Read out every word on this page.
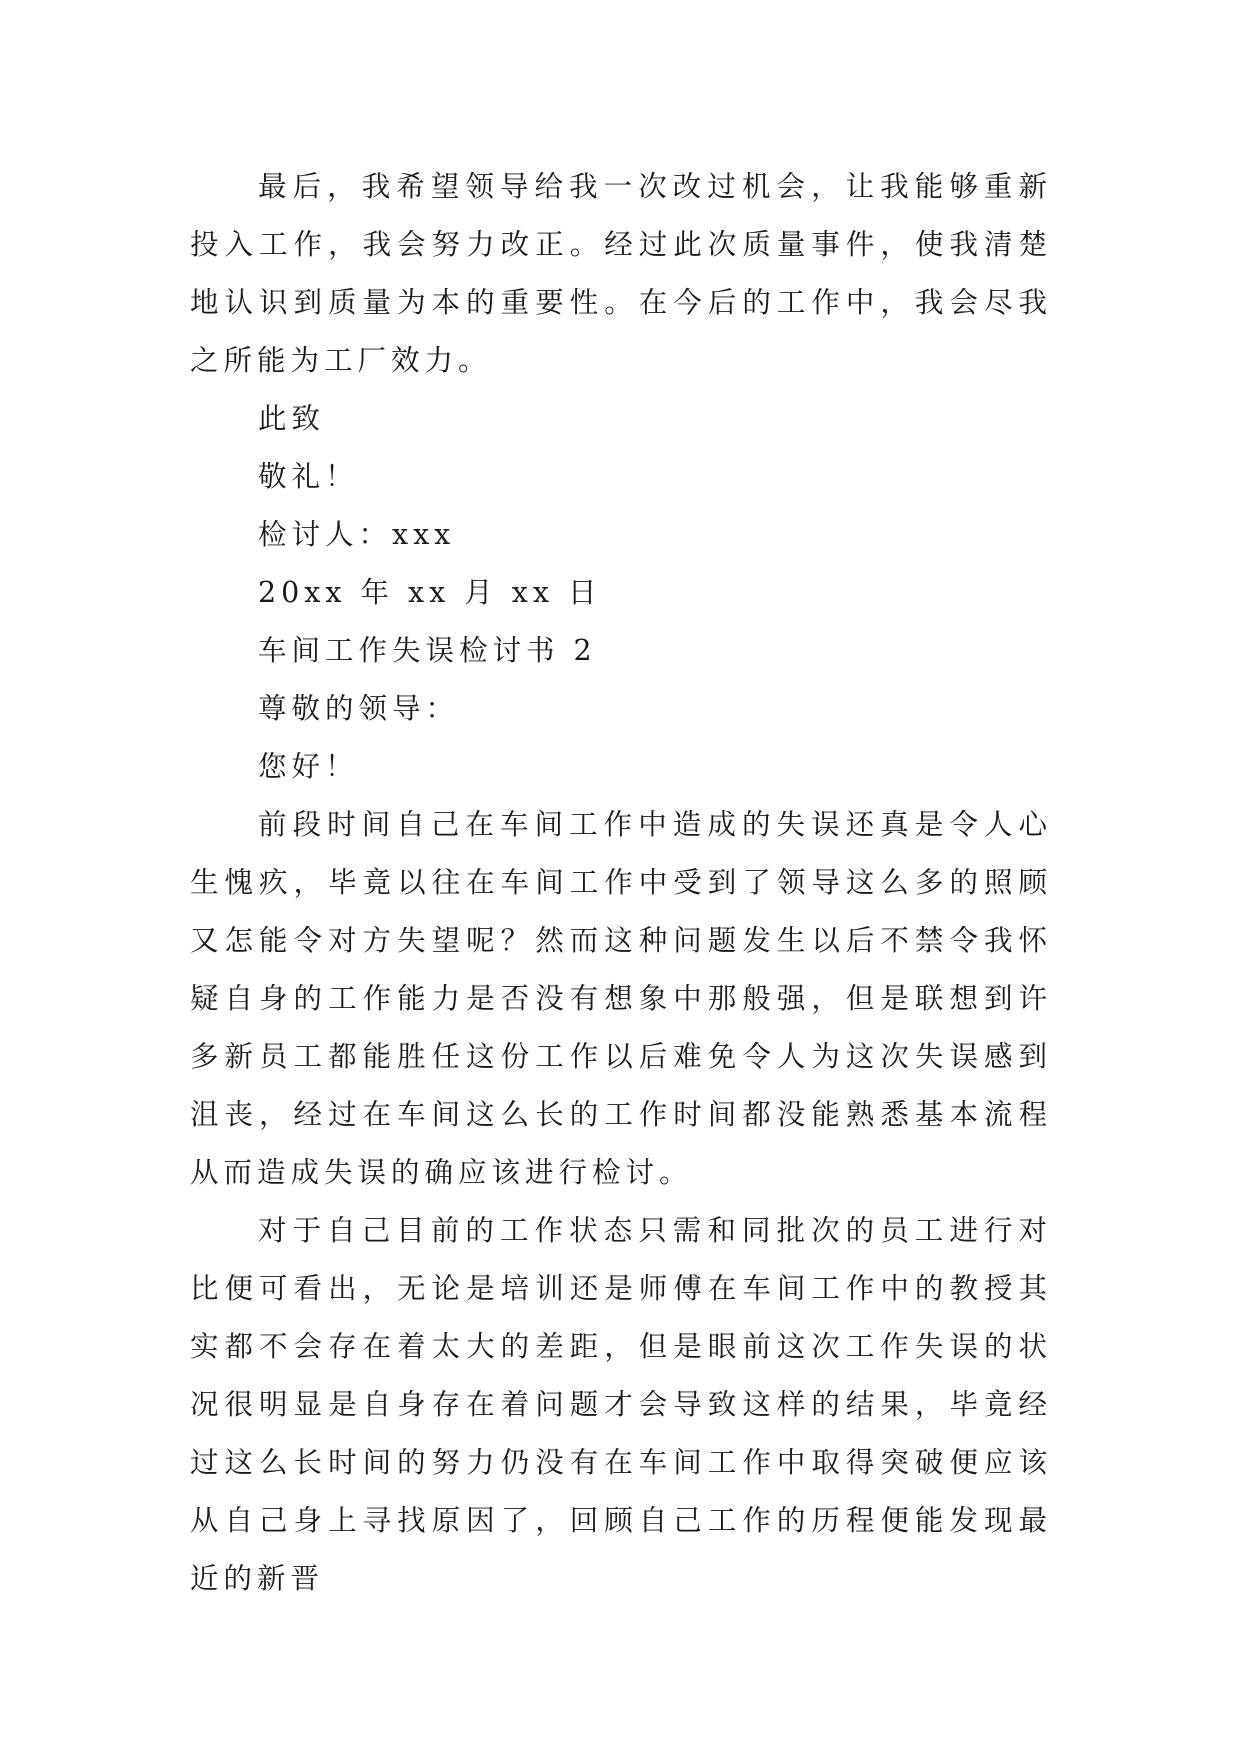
最后，我希望领导给我一次改过机会，让我能够重新投入工作，我会努力改正。经过此次质量事件，使我清楚地认识到质量为本的重要性。在今后的工作中，我会尽我之所能为工厂效力。

此致

敬礼！

检讨人：xxx

20xx 年 xx 月 xx 日

车间工作失误检讨书 2

尊敬的领导：

您好！

前段时间自己在车间工作中造成的失误还真是令人心生愧疚，毕竟以往在车间工作中受到了领导这么多的照顾又怎能令对方失望呢？然而这种问题发生以后不禁令我怀疑自身的工作能力是否没有想象中那般强，但是联想到许多新员工都能胜任这份工作以后难免令人为这次失误感到沮丧，经过在车间这么长的工作时间都没能熟悉基本流程从而造成失误的确应该进行检讨。

对于自己目前的工作状态只需和同批次的员工进行对比便可看出，无论是培训还是师傅在车间工作中的教授其实都不会存在着太大的差距，但是眼前这次工作失误的状况很明显是自身存在着问题才会导致这样的结果，毕竟经过这么长时间的努力仍没有在车间工作中取得突破便应该从自己身上寻找原因了，回顾自己工作的历程便能发现最近的新晋
